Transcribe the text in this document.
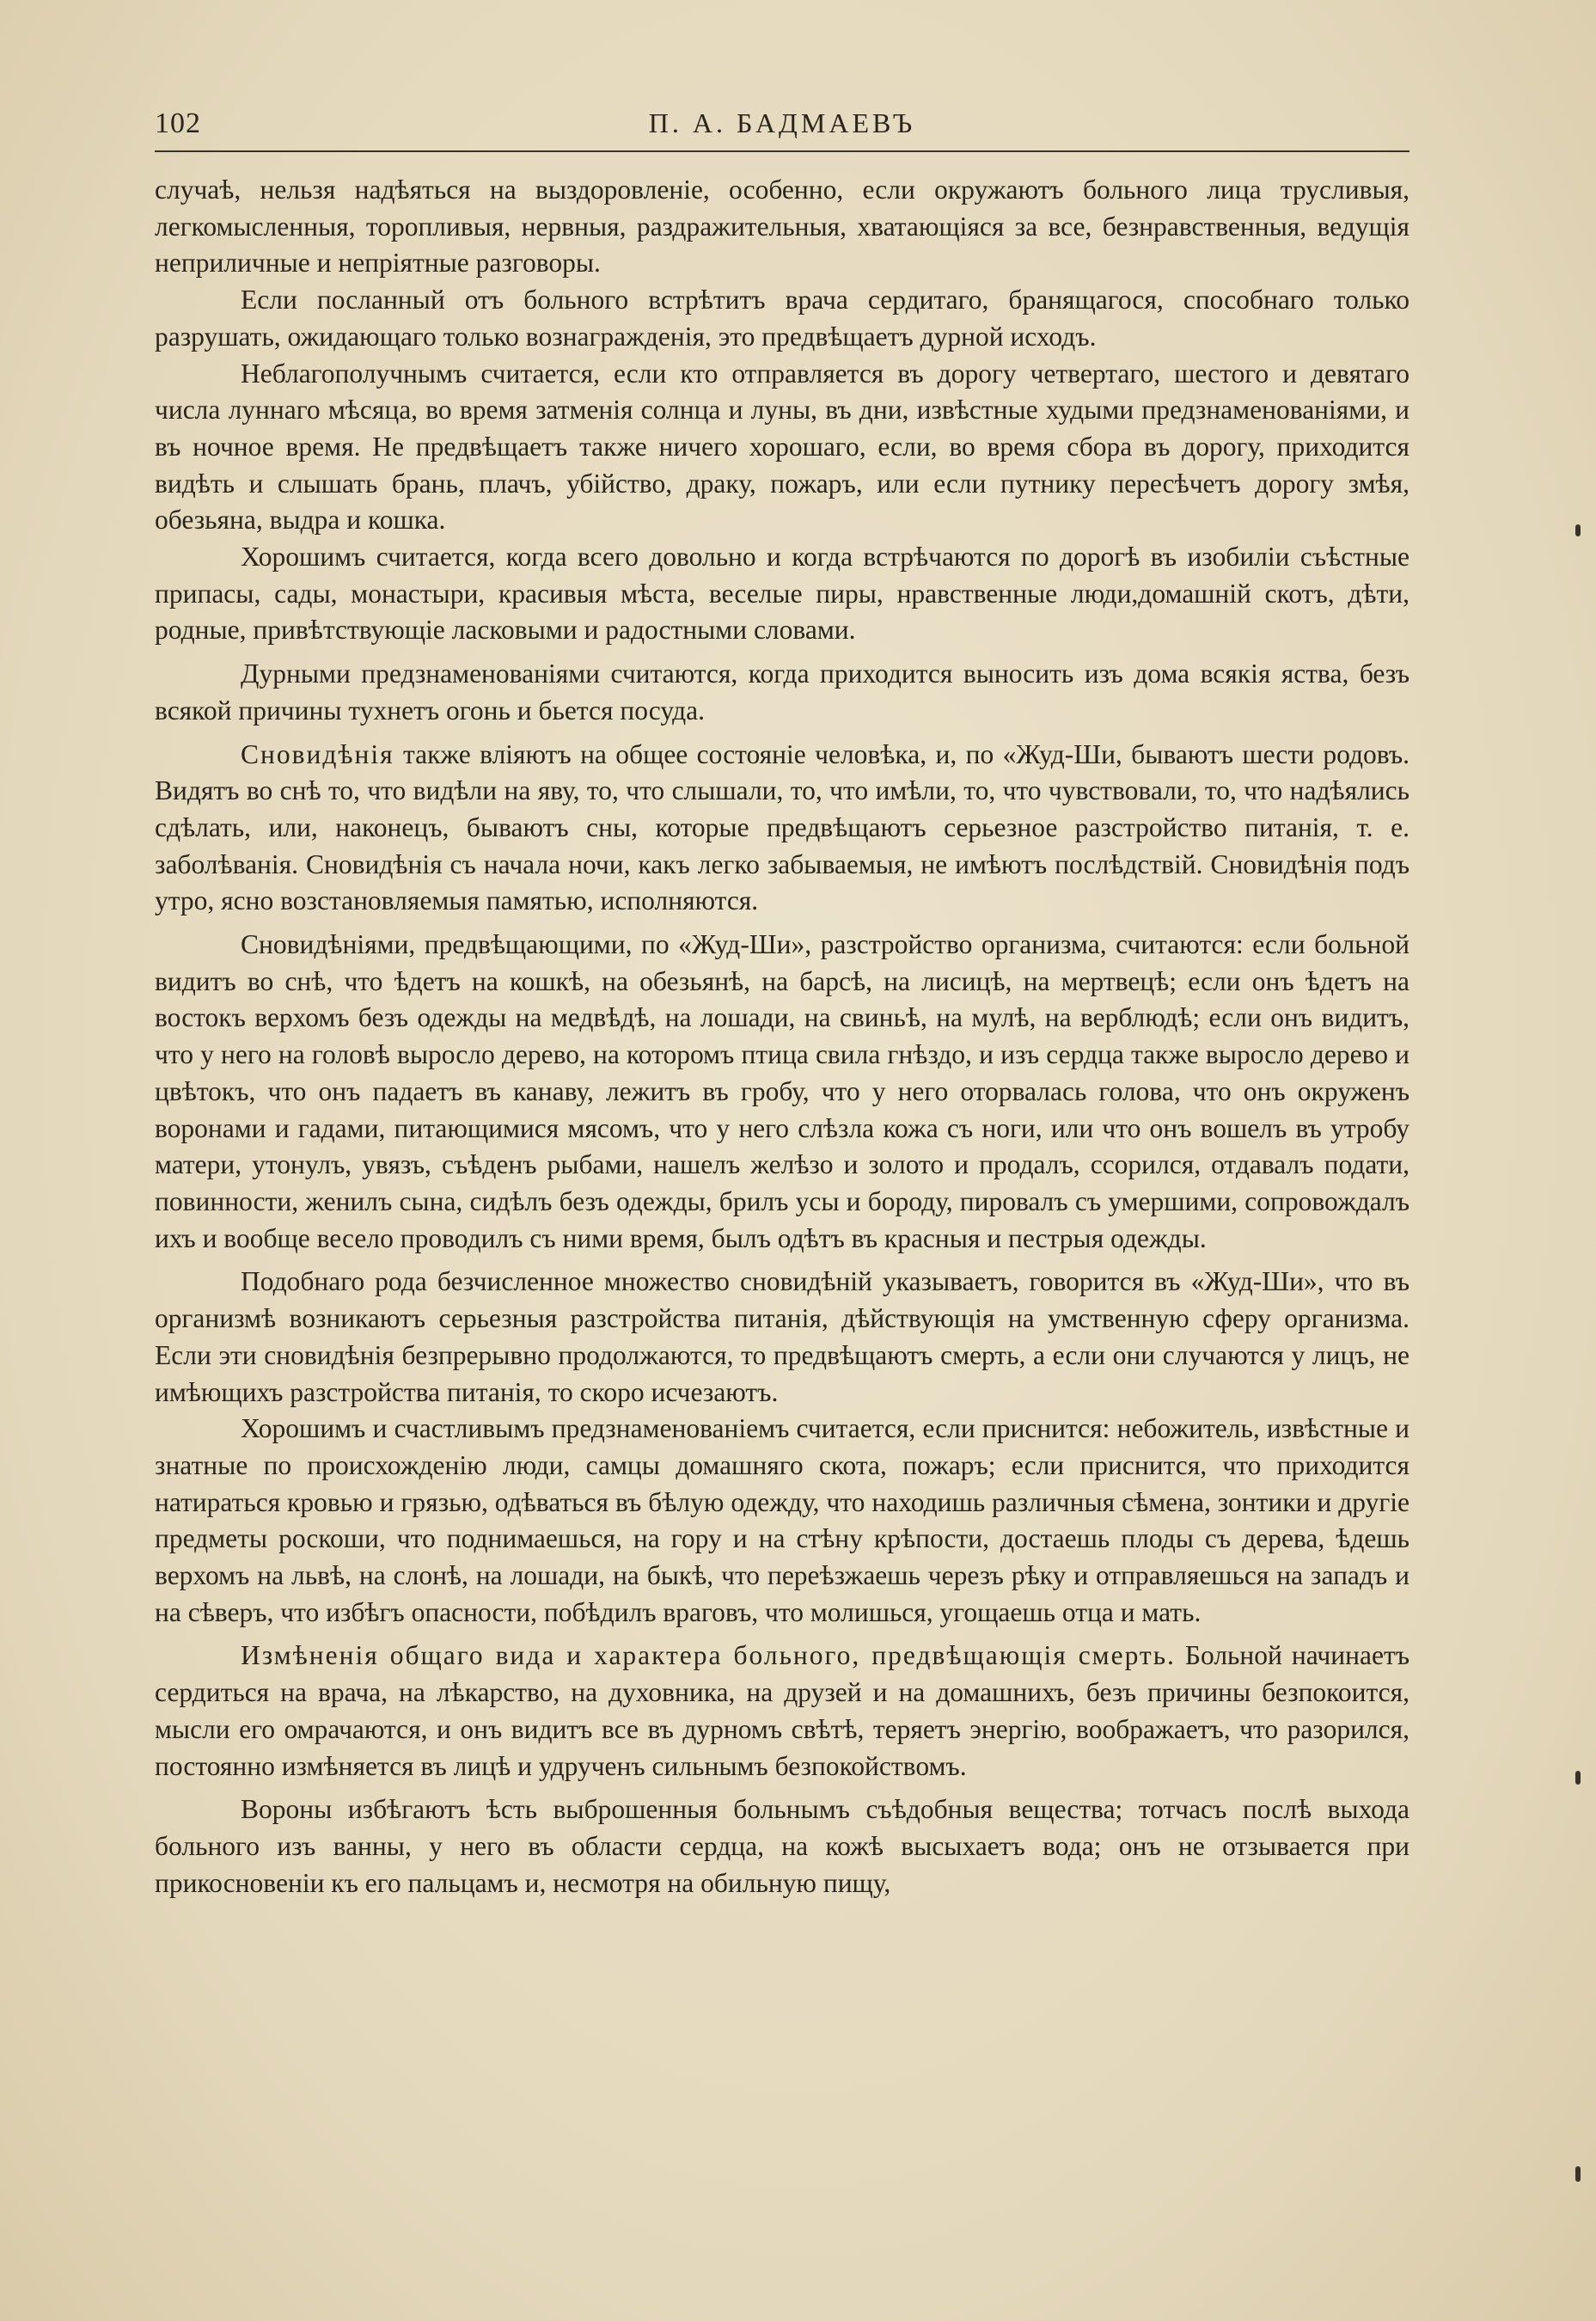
102	П. А. БАДМАЕВЪ

случаѣ, нельзя надѣяться на выздоровленіе, особенно, если окружаютъ больного лица трусливыя, легкомысленныя, торопливыя, нервныя, раздражительныя, хватающіяся за все, безнравственныя, ведущія неприличные и непріятные разговоры.

Если посланный отъ больного встрѣтитъ врача сердитаго, бранящагося, способнаго только разрушать, ожидающаго только вознагражденія, это предвѣщаетъ дурной исходъ.

Неблагополучнымъ считается, если кто отправляется въ дорогу четвертаго, шестого и девятаго числа луннаго мѣсяца, во время затменія солнца и луны, въ дни, извѣстные худыми предзнаменованіями, и въ ночное время. Не предвѣщаетъ также ничего хорошаго, если, во время сбора въ дорогу, приходится видѣть и слышать брань, плачъ, убійство, драку, пожаръ, или если путнику пересѣчетъ дорогу змѣя, обезьяна, выдра и кошка.

Хорошимъ считается, когда всего довольно и когда встрѣчаются по дорогѣ въ изобиліи съѣстные припасы, сады, монастыри, красивыя мѣста, веселые пиры, нравственные люди,домашній скотъ, дѣти, родные, привѣтствующіе ласковыми и радостными словами.

Дурными предзнаменованіями считаются, когда приходится выносить изъ дома всякія яства, безъ всякой причины тухнетъ огонь и бьется посуда.

Сновидѣнія также вліяютъ на общее состояніе человѣка, и, по «Жуд-Ши, бываютъ шести родовъ. Видятъ во снѣ то, что видѣли на яву, то, что слышали, то, что имѣли, то, что чувствовали, то, что надѣялись сдѣлать, или, наконецъ, бываютъ сны, которые предвѣщаютъ серьезное разстройство питанія, т. е. заболѣванія. Сновидѣнія съ начала ночи, какъ легко забываемыя, не имѣютъ послѣдствій. Сновидѣнія подъ утро, ясно возстановляемыя памятью, исполняются.

Сновидѣніями, предвѣщающими, по «Жуд-Ши», разстройство организма, считаются: если больной видитъ во снѣ, что ѣдетъ на кошкѣ, на обезьянѣ, на барсѣ, на лисицѣ, на мертвецѣ; если онъ ѣдетъ на востокъ верхомъ безъ одежды на медвѣдѣ, на лошади, на свиньѣ, на мулѣ, на верблюдѣ; если онъ видитъ, что у него на головѣ выросло дерево, на которомъ птица свила гнѣздо, и изъ сердца также выросло дерево и цвѣтокъ, что онъ падаетъ въ канаву, лежитъ въ гробу, что у него оторвалась голова, что онъ окруженъ воронами и гадами, питающимися мясомъ, что у него слѣзла кожа съ ноги, или что онъ вошелъ въ утробу матери, утонулъ, увязъ, съѣденъ рыбами, нашелъ желѣзо и золото и продалъ, ссорился, отдавалъ подати, повинности, женилъ сына, сидѣлъ безъ одежды, брилъ усы и бороду, пировалъ съ умершими, сопровождалъ ихъ и вообще весело проводилъ съ ними время, былъ одѣтъ въ красныя и пестрыя одежды.

Подобнаго рода безчисленное множество сновидѣній указываетъ, говорится въ «Жуд-Ши», что въ организмѣ возникаютъ серьезныя разстройства питанія, дѣйствующія на умственную сферу организма. Если эти сновидѣнія безпрерывно продолжаются, то предвѣщаютъ смерть, а если они случаются у лицъ, не имѣющихъ разстройства питанія, то скоро исчезаютъ.

Хорошимъ и счастливымъ предзнаменованіемъ считается, если приснится: небожитель, извѣстные и знатные по происхожденію люди, самцы домашняго скота, пожаръ; если приснится, что приходится натираться кровью и грязью, одѣваться въ бѣлую одежду, что находишь различныя сѣмена, зонтики и другіе предметы роскоши, что поднимаешься, на гору и на стѣну крѣпости, достаешь плоды съ дерева, ѣдешь верхомъ на львѣ, на слонѣ, на лошади, на быкѣ, что переѣзжаешь черезъ рѣку и отправляешься на западъ и на сѣверъ, что избѣгъ опасности, побѣдилъ враговъ, что молишься, угощаешь отца и мать.

Измѣненія общаго вида и характера больного, предвѣщающія смерть. Больной начинаетъ сердиться на врача, на лѣкарство, на духовника, на друзей и на домашнихъ, безъ причины безпокоится, мысли его омрачаются, и онъ видитъ все въ дурномъ свѣтѣ, теряетъ энергію, воображаетъ, что разорился, постоянно измѣняется въ лицѣ и удрученъ сильнымъ безпокойствомъ.

Вороны избѣгаютъ ѣсть выброшенныя больнымъ съѣдобныя вещества; тотчасъ послѣ выхода больного изъ ванны, у него въ области сердца, на кожѣ высыхаетъ вода; онъ не отзывается при прикосновеніи къ его пальцамъ и, несмотря на обильную пищу,
